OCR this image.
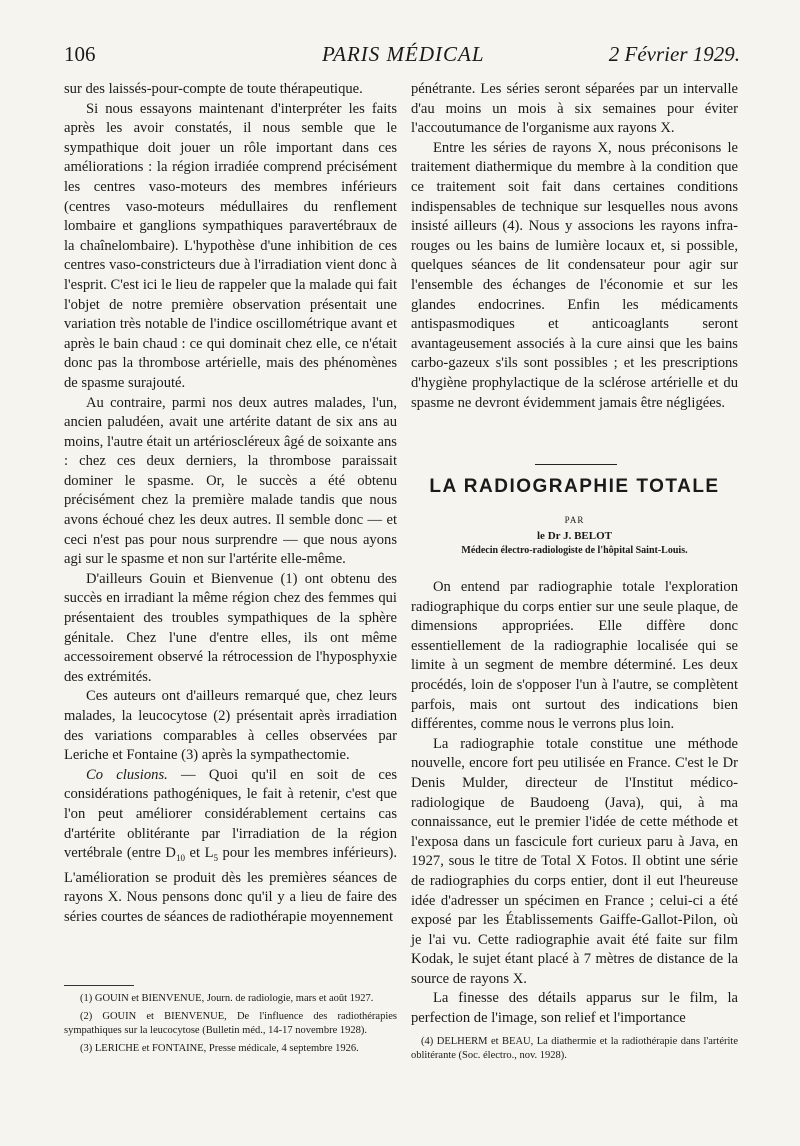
106	PARIS MÉDICAL	2 Février 1929.

sur des laissés-pour-compte de toute thérapeutique.

Si nous essayons maintenant d'interpréter les faits après les avoir constatés, il nous semble que le sympathique doit jouer un rôle important dans ces améliorations : la région irradiée comprend précisément les centres vaso-moteurs des membres inférieurs (centres vaso-moteurs médullaires du renflement lombaire et ganglions sympathiques paravertébraux de la chaînelombaire). L'hypothèse d'une inhibition de ces centres vaso-constricteurs due à l'irradiation vient donc à l'esprit. C'est ici le lieu de rappeler que la malade qui fait l'objet de notre première observation présentait une variation très notable de l'indice oscillométrique avant et après le bain chaud : ce qui dominait chez elle, ce n'était donc pas la thrombose artérielle, mais des phénomènes de spasme surajouté.

Au contraire, parmi nos deux autres malades, l'un, ancien paludéen, avait une artérite datant de six ans au moins, l'autre était un artérioscléreux âgé de soixante ans : chez ces deux derniers, la thrombose paraissait dominer le spasme. Or, le succès a été obtenu précisément chez la première malade tandis que nous avons échoué chez les deux autres. Il semble donc — et ceci n'est pas pour nous surprendre — que nous ayons agi sur le spasme et non sur l'artérite elle-même.

D'ailleurs Gouin et Bienvenue (1) ont obtenu des succès en irradiant la même région chez des femmes qui présentaient des troubles sympathiques de la sphère génitale. Chez l'une d'entre elles, ils ont même accessoirement observé la rétrocession de l'hyposphyxie des extrémités.

Ces auteurs ont d'ailleurs remarqué que, chez leurs malades, la leucocytose (2) présentait après irradiation des variations comparables à celles observées par Leriche et Fontaine (3) après la sympathectomie.

Co clusions. — Quoi qu'il en soit de ces considérations pathogéniques, le fait à retenir, c'est que l'on peut améliorer considérablement certains cas d'artérite oblitérante par l'irradiation de la région vertébrale (entre $D_{10}$ et $L_5$ pour les membres inférieurs). L'amélioration se produit dès les premières séances de rayons X. Nous pensons donc qu'il y a lieu de faire des séries courtes de séances de radiothérapie moyennement

(1) GOUIN et BIENVENUE, Journ. de radiologie, mars et août 1927.

(2) GOUIN et BIENVENUE, De l'influence des radiothérapies sympathiques sur la leucocytose (Bulletin méd., 14-17 novembre 1928).

(3) LERICHE et FONTAINE, Presse médicale, 4 septembre 1926.

pénétrante. Les séries seront séparées par un intervalle d'au moins un mois à six semaines pour éviter l'accoutumance de l'organisme aux rayons X.

Entre les séries de rayons X, nous préconisons le traitement diathermique du membre à la condition que ce traitement soit fait dans certaines conditions indispensables de technique sur lesquelles nous avons insisté ailleurs (4). Nous y associons les rayons infra-rouges ou les bains de lumière locaux et, si possible, quelques séances de lit condensateur pour agir sur l'ensemble des échanges de l'économie et sur les glandes endocrines. Enfin les médicaments antispasmodiques et anticoaglants seront avantageusement associés à la cure ainsi que les bains carbo-gazeux s'ils sont possibles ; et les prescriptions d'hygiène prophylactique de la sclérose artérielle et du spasme ne devront évidemment jamais être négligées.

LA RADIOGRAPHIE TOTALE
PAR
le Dr J. BELOT
Médecin électro-radiologiste de l'hôpital Saint-Louis.

On entend par radiographie totale l'exploration radiographique du corps entier sur une seule plaque, de dimensions appropriées. Elle diffère donc essentiellement de la radiographie localisée qui se limite à un segment de membre déterminé. Les deux procédés, loin de s'opposer l'un à l'autre, se complètent parfois, mais ont surtout des indications bien différentes, comme nous le verrons plus loin.

La radiographie totale constitue une méthode nouvelle, encore fort peu utilisée en France. C'est le Dr Denis Mulder, directeur de l'Institut médico-radiologique de Baudoeng (Java), qui, à ma connaissance, eut le premier l'idée de cette méthode et l'exposa dans un fascicule fort curieux paru à Java, en 1927, sous le titre de Total X Fotos. Il obtint une série de radiographies du corps entier, dont il eut l'heureuse idée d'adresser un spécimen en France ; celui-ci a été exposé par les Établissements Gaiffe-Gallot-Pilon, où je l'ai vu. Cette radiographie avait été faite sur film Kodak, le sujet étant placé à 7 mètres de distance de la source de rayons X.

La finesse des détails apparus sur le film, la perfection de l'image, son relief et l'importance

(4) DELHERM et BEAU, La diathermie et la radiothérapie dans l'artérite oblitérante (Soc. électro., nov. 1928).
